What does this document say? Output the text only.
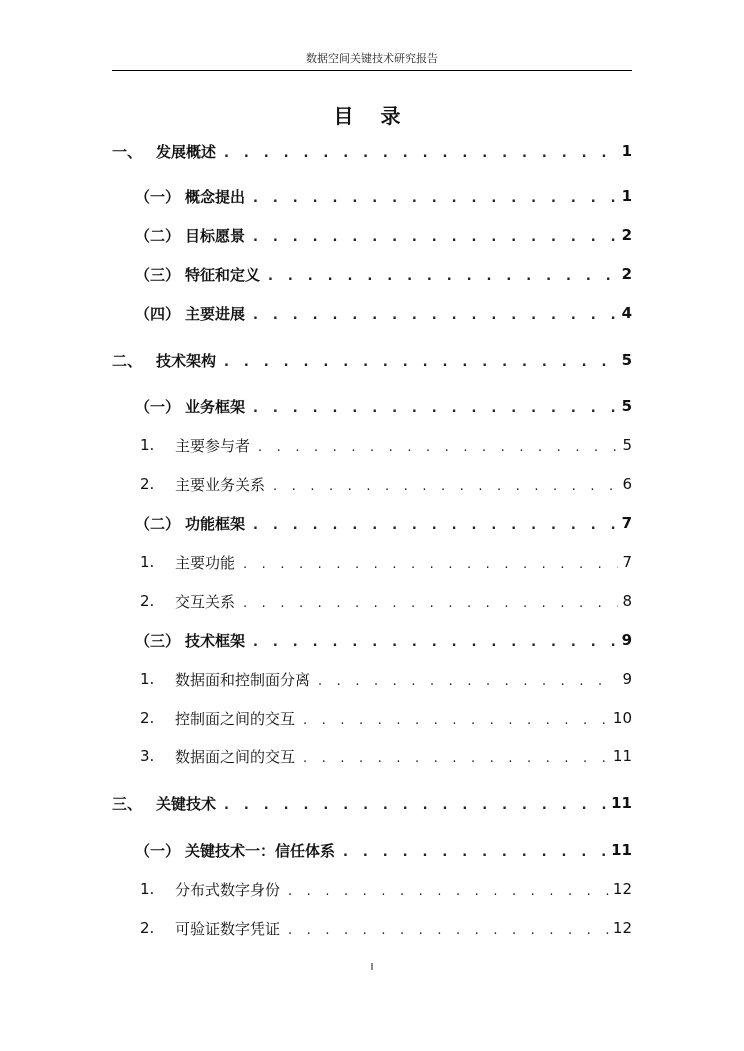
数据空间关键技术研究报告
目 录
一、 发展概述 . . .	1
（一） 概念提出 . . .	1
（二） 目标愿景 . . .	2
（三） 特征和定义 . . .	2
（四） 主要进展 . . .	4
二、 技术架构 . . .	5
（一） 业务框架 . . .	5
1.	主要参与者 . . .	5
2.	主要业务关系 . . .	6
（二） 功能框架 . . .	7
1.	主要功能 . . .	7
2.	交互关系 . . .	8
（三） 技术框架 . . .	9
1.	数据面和控制面分离 . . .	9
2.	控制面之间的交互 . . .	10
3.	数据面之间的交互 . . .	11
三、 关键技术 . . .	11
（一） 关键技术一：信任体系 . . .	11
1.	分布式数字身份 . . .	12
2.	可验证数字凭证 . . .	12
I
